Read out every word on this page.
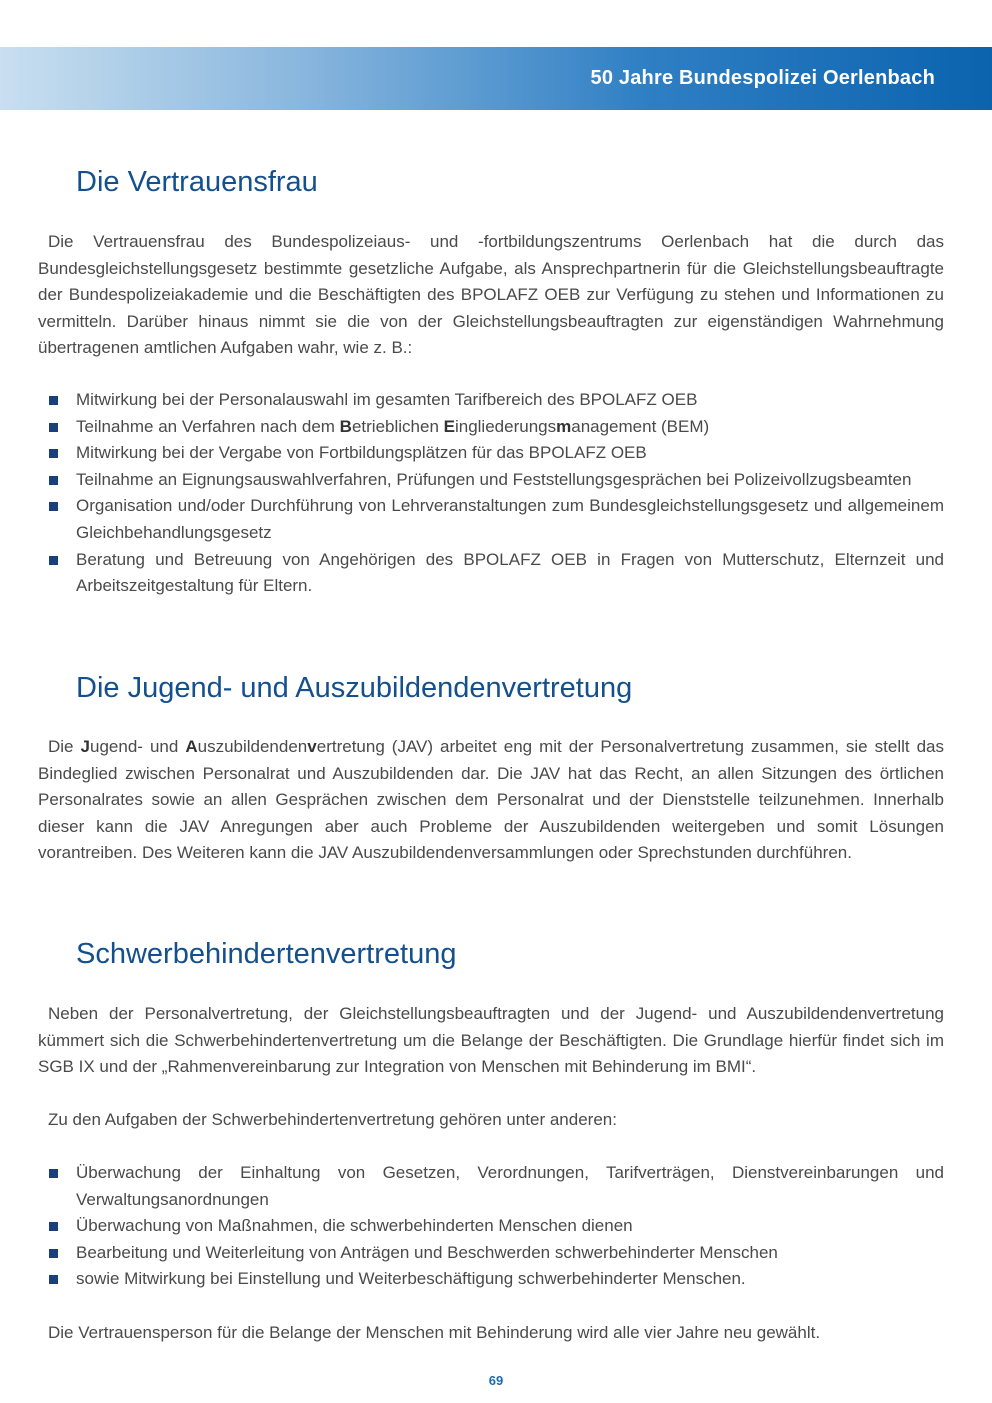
50 Jahre Bundespolizei Oerlenbach
Die Vertrauensfrau

Die Vertrauensfrau des Bundespolizeiaus- und -fortbildungszentrums Oerlenbach hat die durch das Bundesgleichstellungsgesetz bestimmte gesetzliche Aufgabe, als Ansprechpartnerin für die Gleichstellungsbeauftragte der Bundespolizeiakademie und die Beschäftigten des BPOLAFZ OEB zur Verfügung zu stehen und Informationen zu vermitteln. Darüber hinaus nimmt sie die von der Gleichstellungsbeauftragten zur eigenständigen Wahrnehmung übertragenen amtlichen Aufgaben wahr, wie z. B.:

Mitwirkung bei der Personalauswahl im gesamten Tarifbereich des BPOLAFZ OEB
Teilnahme an Verfahren nach dem Betrieblichen Eingliederungsmanagement (BEM)
Mitwirkung bei der Vergabe von Fortbildungsplätzen für das BPOLAFZ OEB
Teilnahme an Eignungsauswahlverfahren, Prüfungen und Feststellungsgesprächen bei Polizeivollzugsbeamten
Organisation und/oder Durchführung von Lehrveranstaltungen zum Bundesgleichstellungsgesetz und allgemeinem Gleichbehandlungsgesetz
Beratung und Betreuung von Angehörigen des BPOLAFZ OEB in Fragen von Mutterschutz, Elternzeit und Arbeitszeitgestaltung für Eltern.
Die Jugend- und Auszubildendenvertretung

Die Jugend- und Auszubildendenvertretung (JAV) arbeitet eng mit der Personalvertretung zusammen, sie stellt das Bindeglied zwischen Personalrat und Auszubildenden dar. Die JAV hat das Recht, an allen Sitzungen des örtlichen Personalrates sowie an allen Gesprächen zwischen dem Personalrat und der Dienststelle teilzunehmen. Innerhalb dieser kann die JAV Anregungen aber auch Probleme der Auszubildenden weitergeben und somit Lösungen vorantreiben. Des Weiteren kann die JAV Auszubildendenversammlungen oder Sprechstunden durchführen.

Schwerbehindertenvertretung

Neben der Personalvertretung, der Gleichstellungsbeauftragten und der Jugend- und Auszubildendenvertretung kümmert sich die Schwerbehindertenvertretung um die Belange der Beschäftigten. Die Grundlage hierfür findet sich im SGB IX und der „Rahmenvereinbarung zur Integration von Menschen mit Behinderung im BMI“.

Zu den Aufgaben der Schwerbehindertenvertretung gehören unter anderen:

Überwachung der Einhaltung von Gesetzen, Verordnungen, Tarifverträgen, Dienstvereinbarungen und Verwaltungsanordnungen
Überwachung von Maßnahmen, die schwerbehinderten Menschen dienen
Bearbeitung und Weiterleitung von Anträgen und Beschwerden schwerbehinderter Menschen
sowie Mitwirkung bei Einstellung und Weiterbeschäftigung schwerbehinderter Menschen.

Die Vertrauensperson für die Belange der Menschen mit Behinderung wird alle vier Jahre neu gewählt.

69
